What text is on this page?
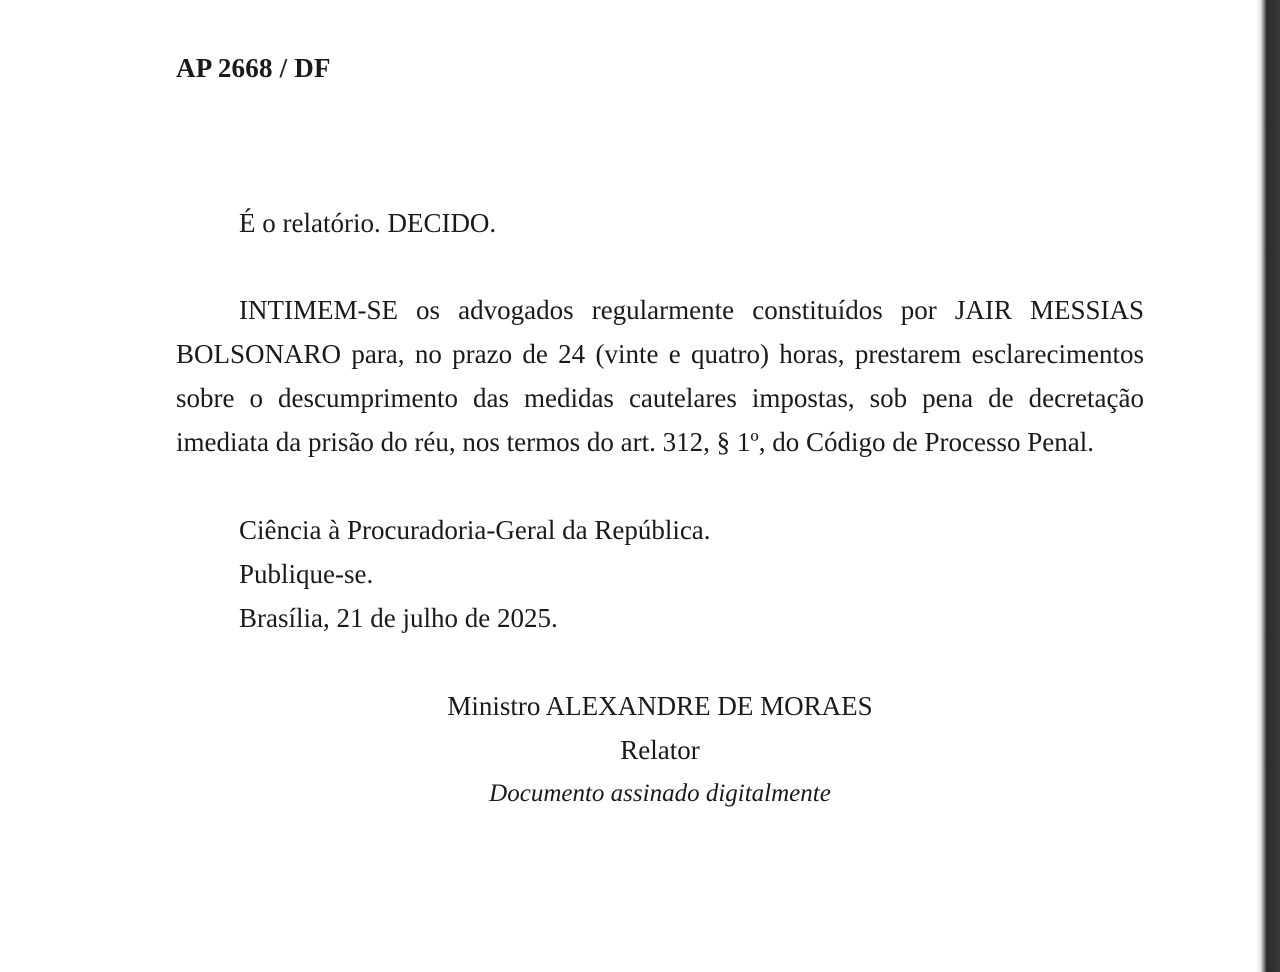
AP 2668 / DF

É o relatório. DECIDO.

INTIMEM-SE os advogados regularmente constituídos por JAIR MESSIAS BOLSONARO para, no prazo de 24 (vinte e quatro) horas, prestarem esclarecimentos sobre o descumprimento das medidas cautelares impostas, sob pena de decretação imediata da prisão do réu, nos termos do art. 312, § 1º, do Código de Processo Penal.

Ciência à Procuradoria-Geral da República.

Publique-se.

Brasília, 21 de julho de 2025.

Ministro ALEXANDRE DE MORAES
Relator
Documento assinado digitalmente
